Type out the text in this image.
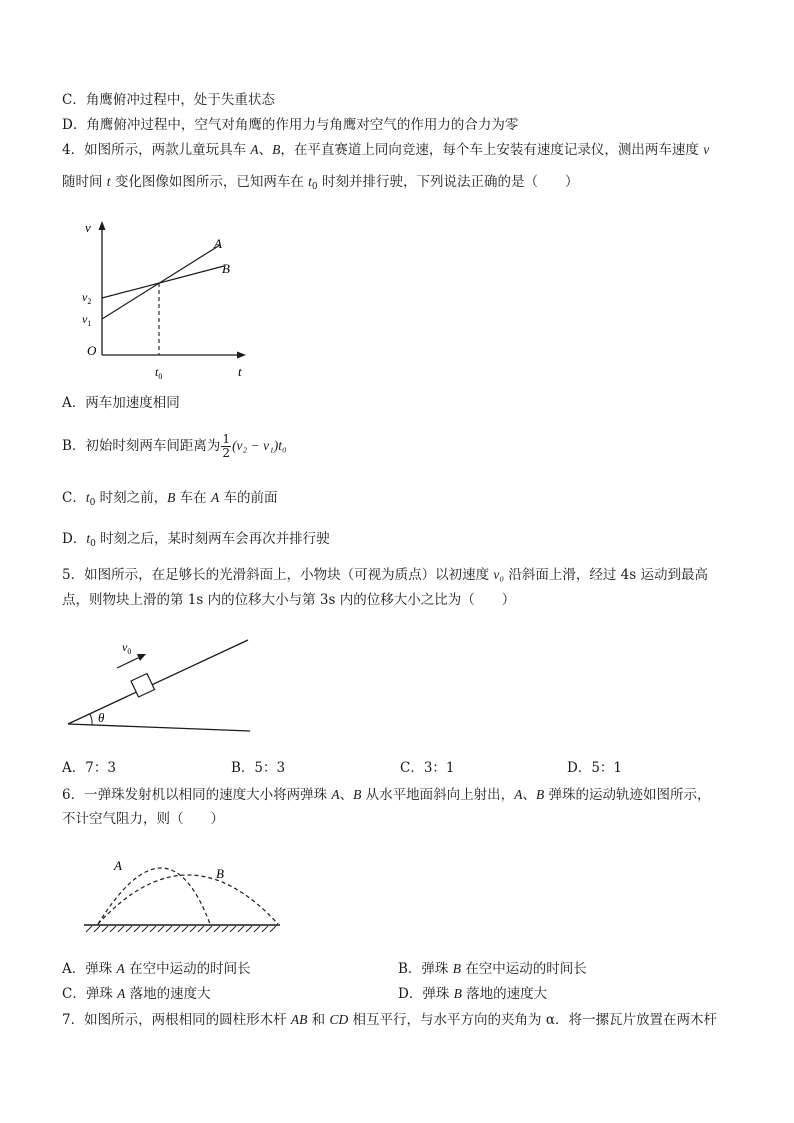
C．角鹰俯冲过程中，处于失重状态
D．角鹰俯冲过程中，空气对角鹰的作用力与角鹰对空气的作用力的合力为零
4．如图所示，两款儿童玩具车 A、B，在平直赛道上同向竞速，每个车上安装有速度记录仪，测出两车速度 v
随时间 t 变化图像如图所示，已知两车在 $t_0$ 时刻并排行驶，下列说法正确的是（　　）
v
t
O
A
B
$v_2$
$v_1$
$t_0$
A．两车加速度相同
B．初始时刻两车间距离为 $\frac{1}{2} (v_2 - v_1)t_0$
C．$t_0$ 时刻之前，B 车在 A 车的前面
D．$t_0$ 时刻之后，某时刻两车会再次并排行驶
5．如图所示，在足够长的光滑斜面上，小物块（可视为质点）以初速度 v₀ 沿斜面上滑，经过 4s 运动到最高
点，则物块上滑的第 1s 内的位移大小与第 3s 内的位移大小之比为（　　）
$v_0$
θ
A．7：3	B．5：3	C．3：1	D．5：1
6．一弹珠发射机以相同的速度大小将两弹珠 A、B 从水平地面斜向上射出，A、B 弹珠的运动轨迹如图所示，
不计空气阻力，则（　　）
A
B
A．弹珠 A 在空中运动的时间长	B．弹珠 B 在空中运动的时间长
C．弹珠 A 落地的速度大	D．弹珠 B 落地的速度大
7．如图所示，两根相同的圆柱形木杆 AB 和 CD 相互平行，与水平方向的夹角为 α．将一摞瓦片放置在两木杆
